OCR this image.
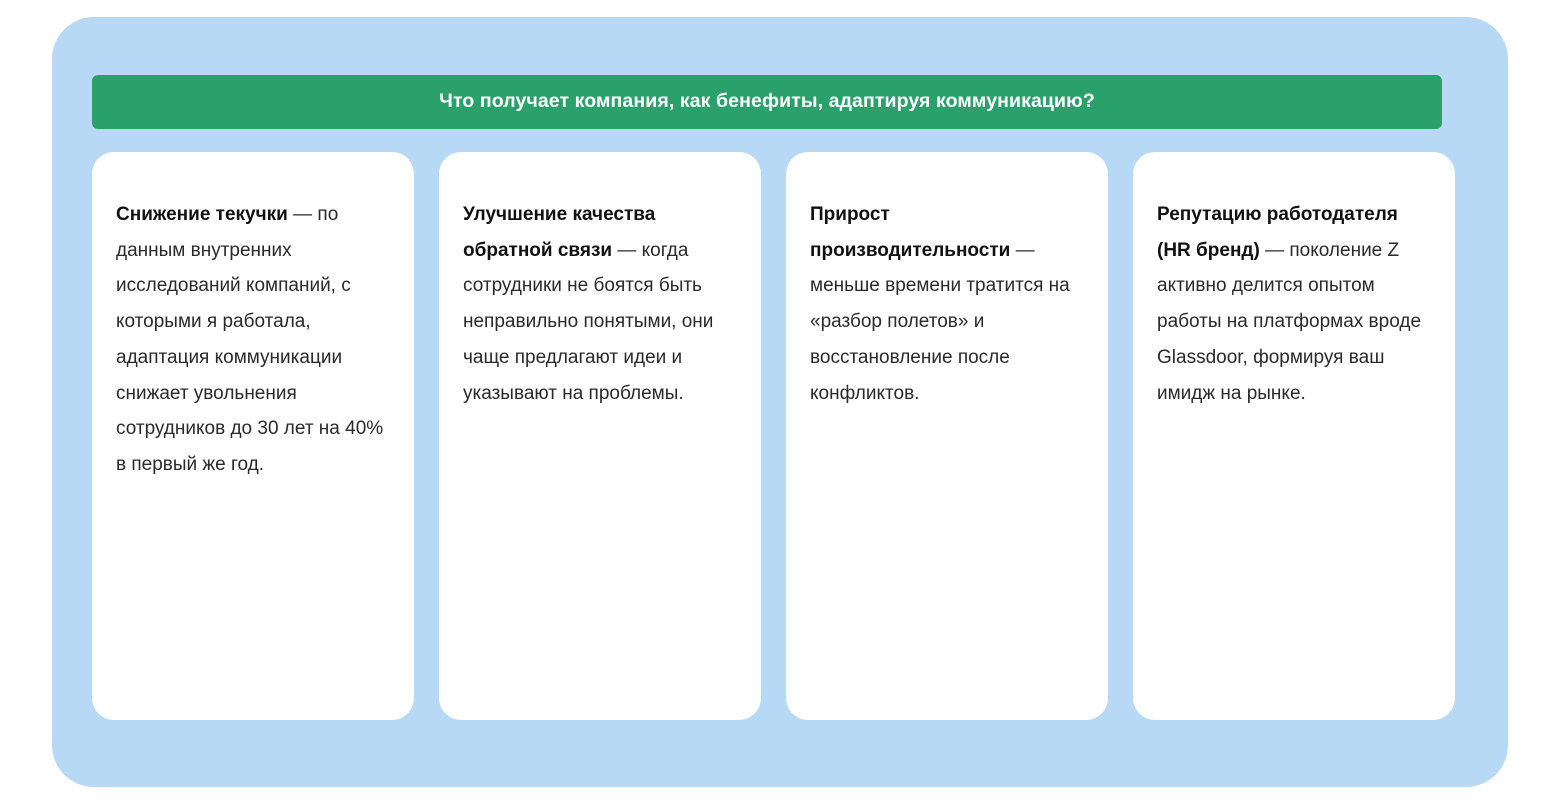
Что получает компания, как бенефиты, адаптируя коммуникацию?

Снижение текучки — по данным внутренних исследований компаний, с которыми я работала, адаптация коммуникации снижает увольнения сотрудников до 30 лет на 40% в первый же год.

Улучшение качества обратной связи — когда сотрудники не боятся быть неправильно понятыми, они чаще предлагают идеи и указывают на проблемы.

Прирост производительности — меньше времени тратится на «разбор полетов» и восстановление после конфликтов.

Репутацию работодателя (HR бренд) — поколение Z активно делится опытом работы на платформах вроде Glassdoor, формируя ваш имидж на рынке.
